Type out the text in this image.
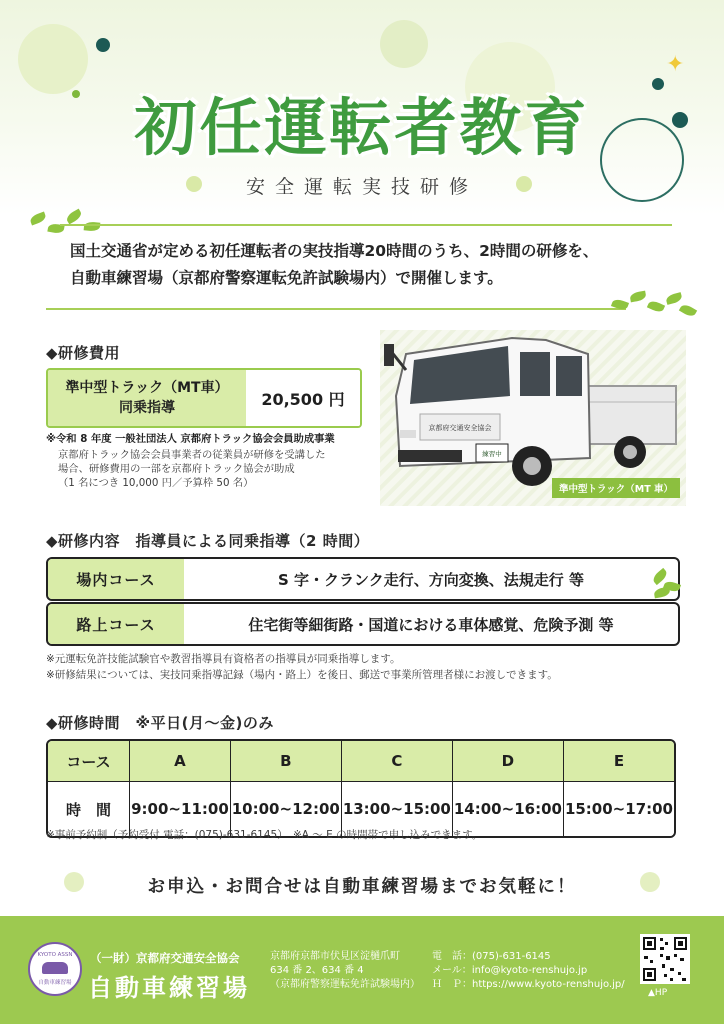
✦
初任運転者教育
安全運転実技研修
国土交通省が定める初任運転者の実技指導20時間のうち、2時間の研修を、
自動車練習場（京都府警察運転免許試験場内）で開催します。
◆研修費用
準中型トラック（MT車）
同乗指導	20,500 円
※令和 8 年度 一般社団法人 京都府トラック協会会員助成事業
京都府トラック協会会員事業者の従業員が研修を受講した
場合、研修費用の一部を京都府トラック協会が助成
（1 名につき 10,000 円／予算枠 50 名）
京都府交通安全協会
練習中
準中型トラック（MT 車）
◆研修内容　指導員による同乗指導（2 時間）
場内コース	S 字・クランク走行、方向変換、法規走行 等
路上コース	住宅街等細街路・国道における車体感覚、危険予測 等
※元運転免許技能試験官や教習指導員有資格者の指導員が同乗指導します。
※研修結果については、実技同乗指導記録（場内・路上）を後日、郵送で事業所管理者様にお渡しできます。
◆研修時間　※平日(月～金)のみ
コース	A	B	C	D	E
時　間	9:00~11:00	10:00~12:00	13:00~15:00	14:00~16:00	15:00~17:00
※事前予約制（予約受付 電話：(075)-631-6145）　※A ～ E の時間帯で申し込みできます。
お申込・お問合せは自動車練習場までお気軽に！
KYOTO ASSN
自動車練習場
（一財）京都府交通安全協会
自動車練習場
京都府京都市伏見区淀樋爪町
634 番 2、634 番 4
（京都府警察運転免許試験場内）
電　話：(075)-631-6145
メール：info@kyoto-renshujo.jp
Ｈ　Ｐ：https://www.kyoto-renshujo.jp/
▲HP
